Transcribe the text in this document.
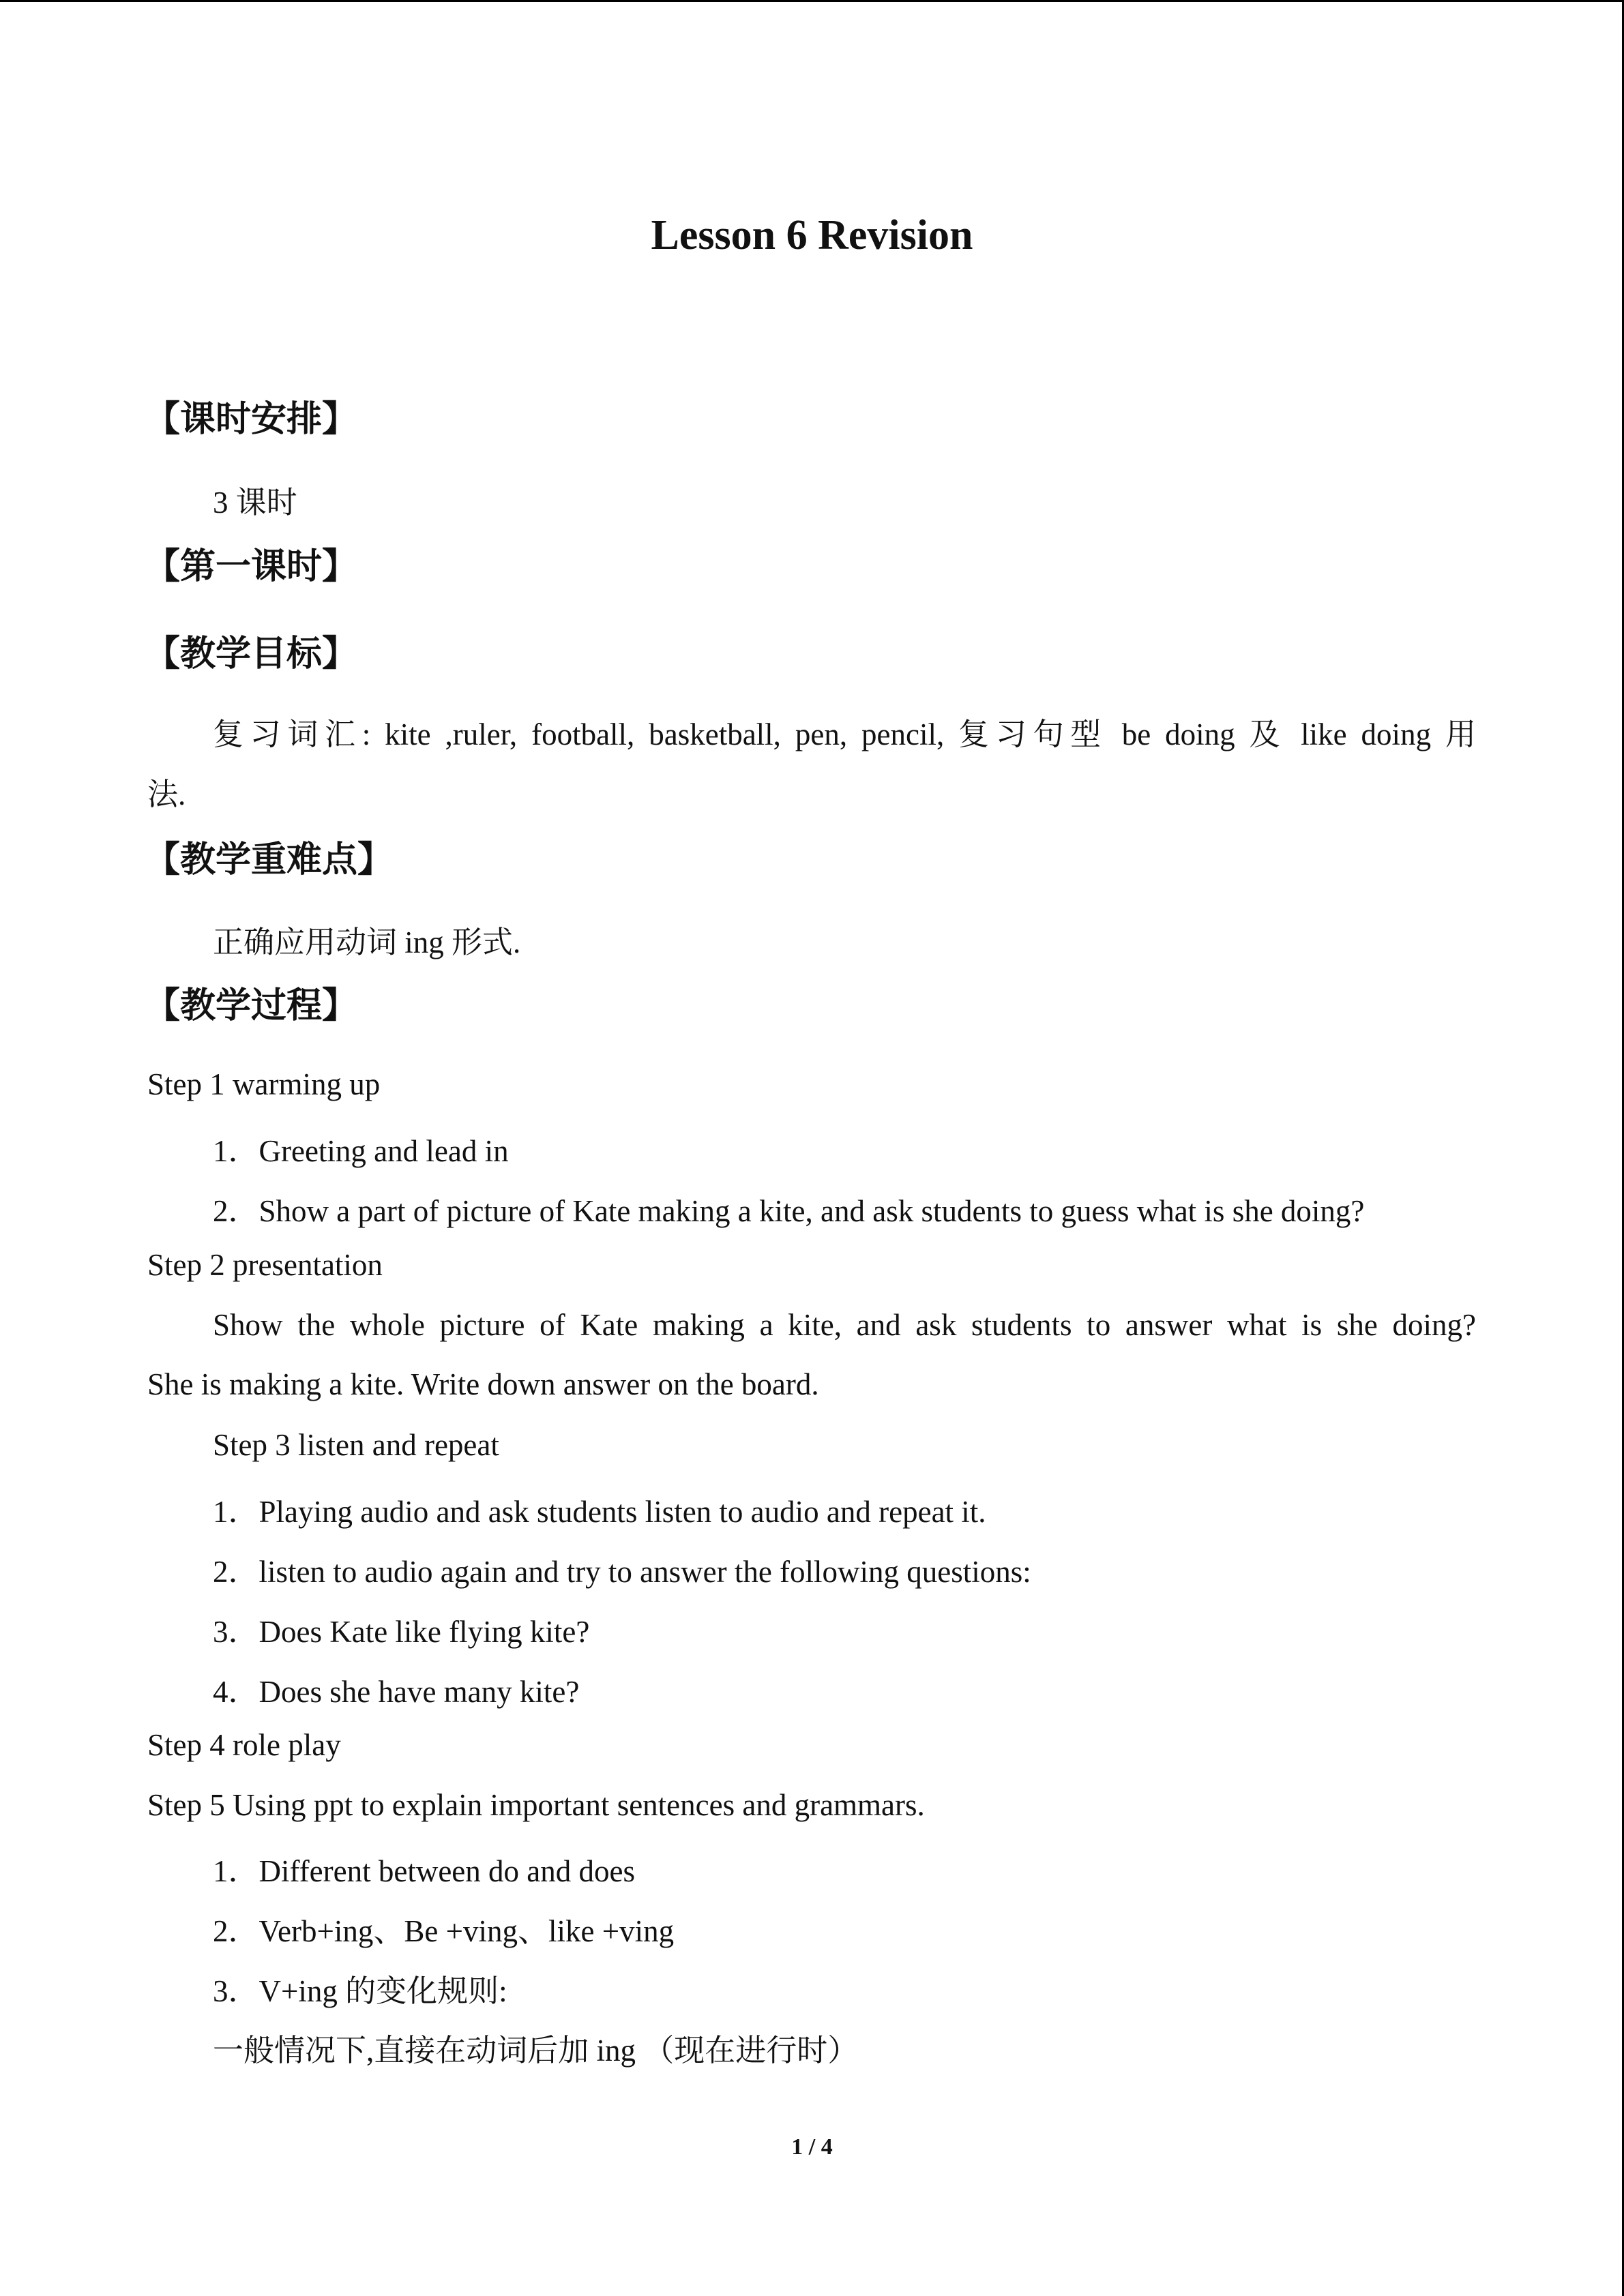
Lesson 6 Revision
【课时安排】
3 课时
【第一课时】
【教学目标】
复习词汇: kite ,ruler, football, basketball, pen, pencil, 复习句型 be doing 及 like doing 用
法.
【教学重难点】
正确应用动词 ing 形式.
【教学过程】
Step 1 warming up
1．Greeting and lead in
2．Show a part of picture of Kate making a kite, and ask students to guess what is she doing?
Step 2 presentation
Show the whole picture of Kate making a kite, and ask students to answer what is she doing?
She is making a kite. Write down answer on the board.
Step 3 listen and repeat
1．Playing audio and ask students listen to audio and repeat it.
2．listen to audio again and try to answer the following questions:
3．Does Kate like flying kite?
4．Does she have many kite?
Step 4 role play
Step 5 Using ppt to explain important sentences and grammars.
1．Different between do and does
2．Verb+ing、Be +ving、like +ving
3．V+ing 的变化规则:
一般情况下,直接在动词后加 ing （现在进行时）
1 / 4
